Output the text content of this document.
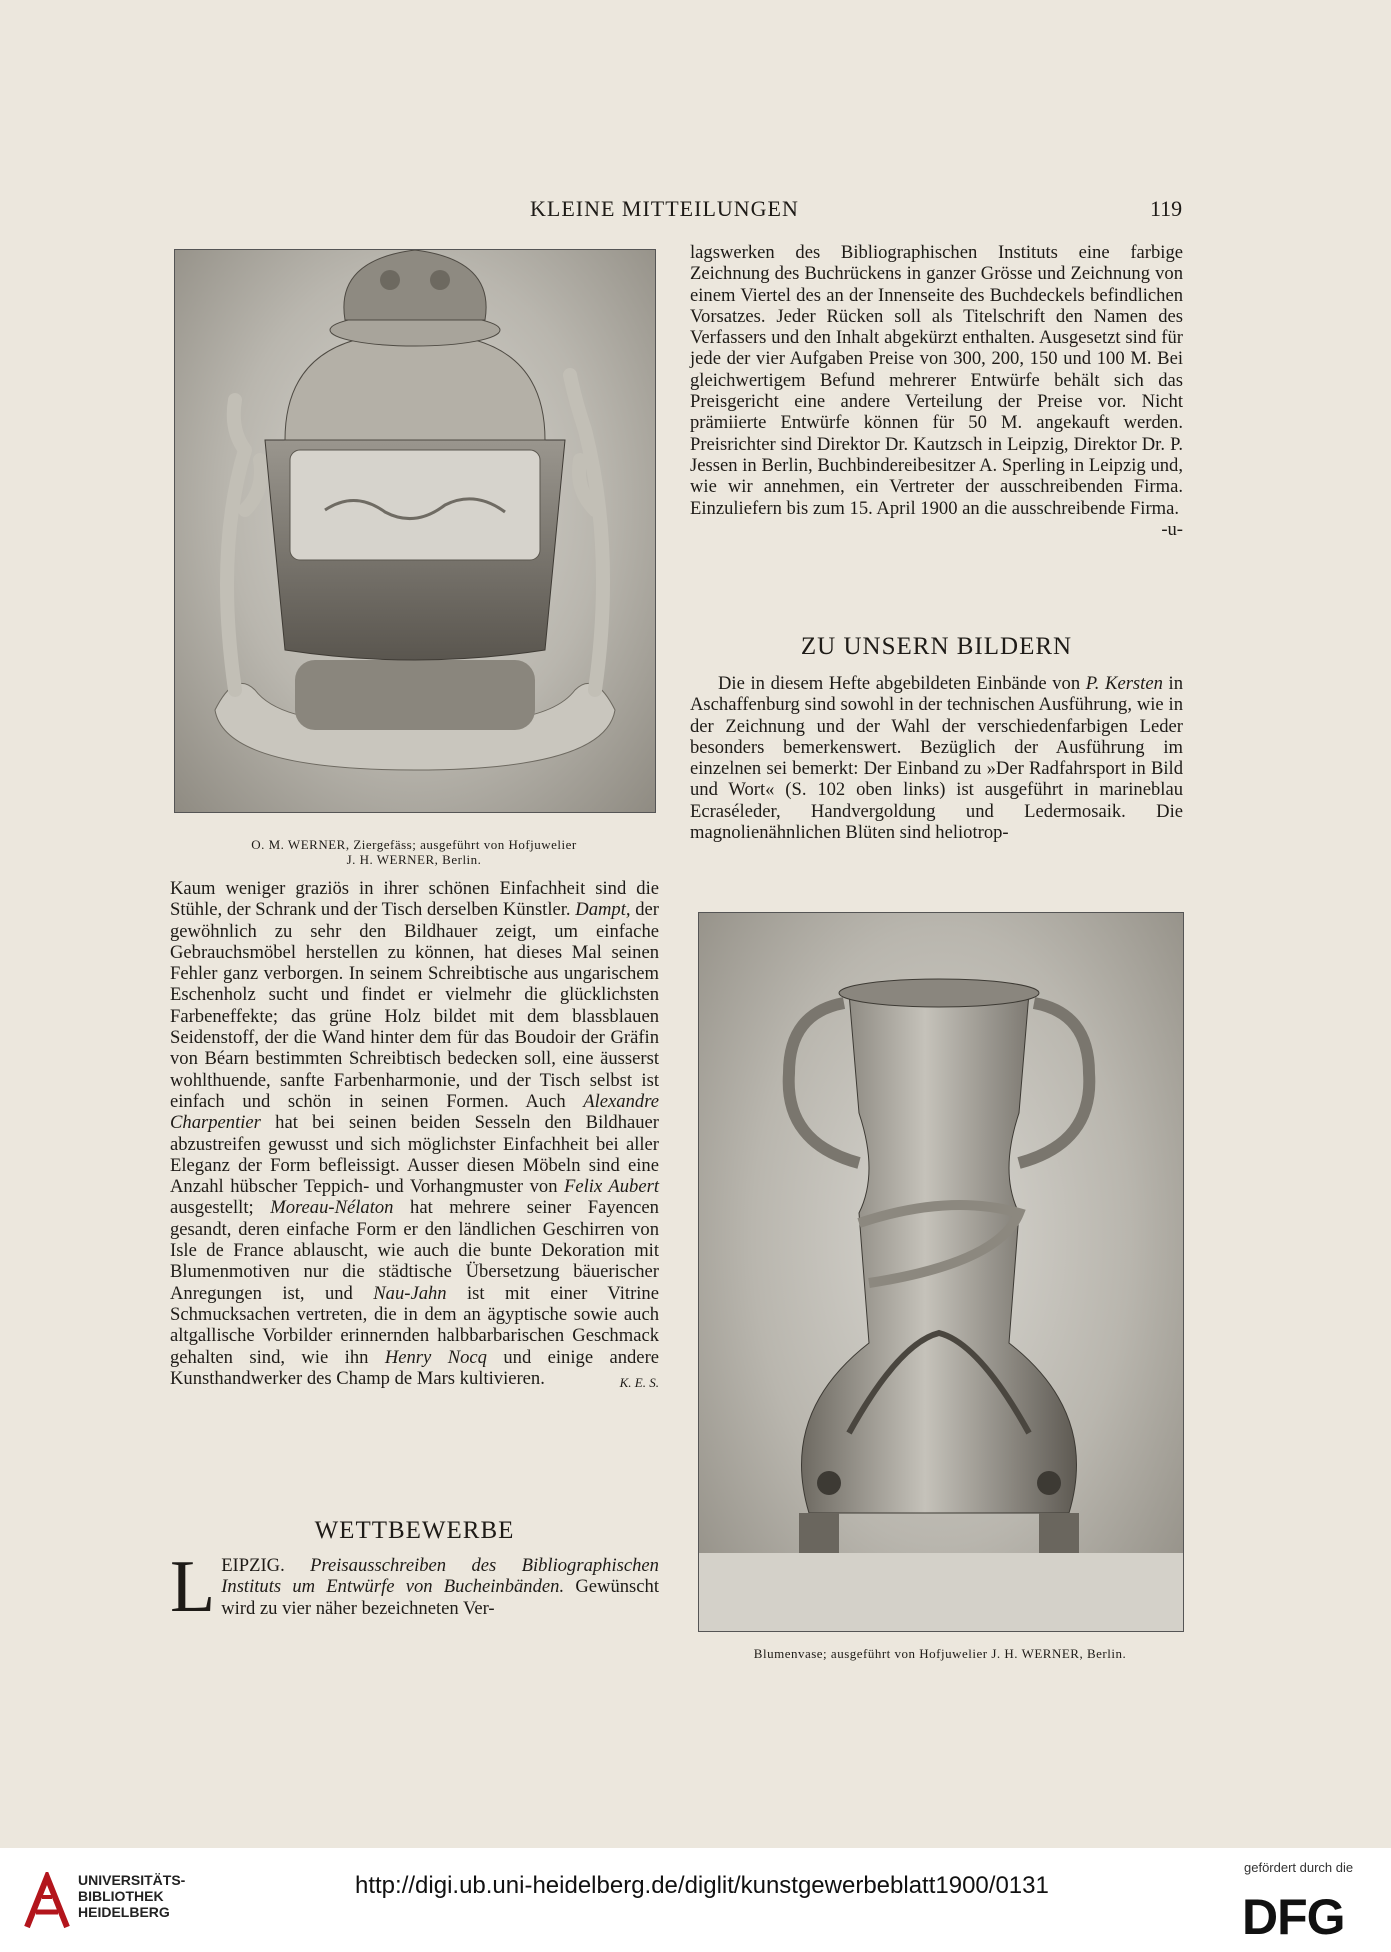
KLEINE MITTEILUNGEN	119
O. M. WERNER, Ziergefäss; ausgeführt von Hofjuwelier
J. H. WERNER, Berlin.

Kaum weniger graziös in ihrer schönen Einfachheit sind die Stühle, der Schrank und der Tisch derselben Künstler. Dampt, der gewöhnlich zu sehr den Bildhauer zeigt, um einfache Gebrauchsmöbel herstellen zu können, hat dieses Mal seinen Fehler ganz verborgen. In seinem Schreibtische aus ungarischem Eschenholz sucht und findet er vielmehr die glücklichsten Farbeneffekte; das grüne Holz bildet mit dem blassblauen Seidenstoff, der die Wand hinter dem für das Boudoir der Gräfin von Béarn bestimmten Schreibtisch bedecken soll, eine äusserst wohlthuende, sanfte Farbenharmonie, und der Tisch selbst ist einfach und schön in seinen Formen. Auch Alexandre Charpentier hat bei seinen beiden Sesseln den Bildhauer abzustreifen gewusst und sich möglichster Einfachheit bei aller Eleganz der Form befleissigt. Ausser diesen Möbeln sind eine Anzahl hübscher Teppich- und Vorhangmuster von Felix Aubert ausgestellt; Moreau-Nélaton hat mehrere seiner Fayencen gesandt, deren einfache Form er den ländlichen Geschirren von Isle de France ablauscht, wie auch die bunte Dekoration mit Blumenmotiven nur die städtische Übersetzung bäuerischer Anregungen ist, und Nau-Jahn ist mit einer Vitrine Schmucksachen vertreten, die in dem an ägyptische sowie auch altgallische Vorbilder erinnernden halbbarbarischen Geschmack gehalten sind, wie ihn Henry Nocq und einige andere Kunsthandwerker des Champ de Mars kultivieren.	K. E. S.

WETTBEWERBE

LEIPZIG. Preisausschreiben des Bibliographischen Instituts um Entwürfe von Bucheinbänden. Gewünscht wird zu vier näher bezeichneten Ver-

lagswerken des Bibliographischen Instituts eine farbige Zeichnung des Buchrückens in ganzer Grösse und Zeichnung von einem Viertel des an der Innenseite des Buchdeckels befindlichen Vorsatzes. Jeder Rücken soll als Titelschrift den Namen des Verfassers und den Inhalt abgekürzt enthalten. Ausgesetzt sind für jede der vier Aufgaben Preise von 300, 200, 150 und 100 M. Bei gleichwertigem Befund mehrerer Entwürfe behält sich das Preisgericht eine andere Verteilung der Preise vor. Nicht prämiierte Entwürfe können für 50 M. angekauft werden. Preisrichter sind Direktor Dr. Kautzsch in Leipzig, Direktor Dr. P. Jessen in Berlin, Buchbindereibesitzer A. Sperling in Leipzig und, wie wir annehmen, ein Vertreter der ausschreibenden Firma. Einzuliefern bis zum 15. April 1900 an die ausschreibende Firma.
-u-

ZU UNSERN BILDERN

Die in diesem Hefte abgebildeten Einbände von P. Kersten in Aschaffenburg sind sowohl in der technischen Ausführung, wie in der Zeichnung und der Wahl der verschiedenfarbigen Leder besonders bemerkenswert. Bezüglich der Ausführung im einzelnen sei bemerkt: Der Einband zu »Der Radfahrsport in Bild und Wort« (S. 102 oben links) ist ausgeführt in marineblau Ecraséleder, Handvergoldung und Ledermosaik. Die magnolienähnlichen Blüten sind heliotrop-

Blumenvase; ausgeführt von Hofjuwelier J. H. WERNER, Berlin.
UNIVERSITÄTS-
BIBLIOTHEK
HEIDELBERG
http://digi.ub.uni-heidelberg.de/diglit/kunstgewerbeblatt1900/0131
gefördert durch die
DFG
